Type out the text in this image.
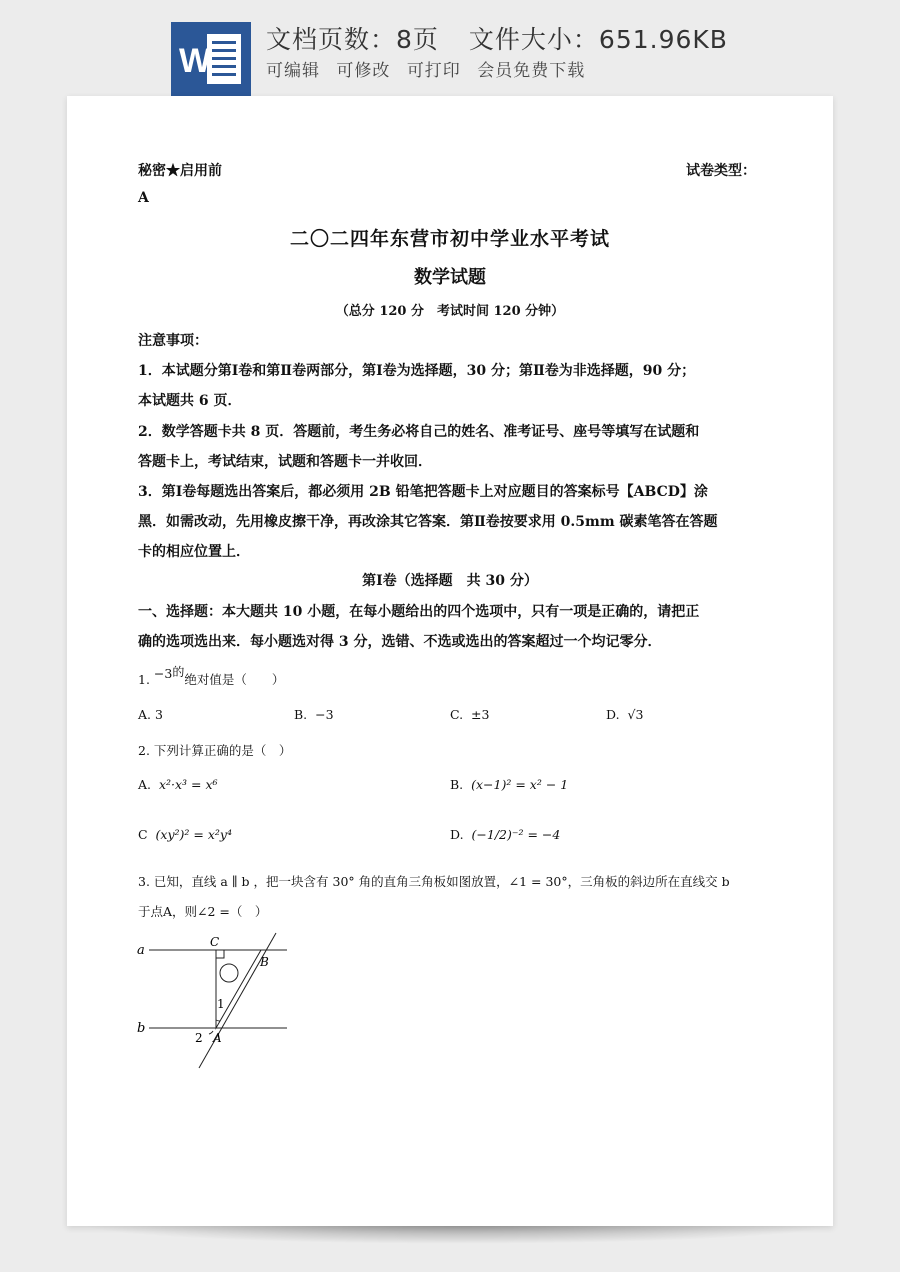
W
文档页数：8页 文件大小：651.96KB
可编辑 可修改 可打印 会员免费下载
秘密★启用前	试卷类型：
A
二〇二四年东营市初中学业水平考试
数学试题
（总分 120 分　考试时间 120 分钟）
注意事项：
1．本试题分第Ⅰ卷和第Ⅱ卷两部分，第Ⅰ卷为选择题，30 分；第Ⅱ卷为非选择题，90 分；
本试题共 6 页．
2．数学答题卡共 8 页．答题前，考生务必将自己的姓名、准考证号、座号等填写在试题和
答题卡上，考试结束，试题和答题卡一并收回．
3．第Ⅰ卷每题选出答案后，都必须用 2B 铅笔把答题卡上对应题目的答案标号【ABCD】涂
黑．如需改动，先用橡皮擦干净，再改涂其它答案．第Ⅱ卷按要求用 0.5mm 碳素笔答在答题
卡的相应位置上．
第Ⅰ卷（选择题　共 30 分）
一、选择题：本大题共 10 小题，在每小题给出的四个选项中，只有一项是正确的，请把正
确的选项选出来．每小题选对得 3 分，选错、不选或选出的答案超过一个均记零分．
1. −3的绝对值是（　　）
A. 3	B. −3	C. ±3	D. √3
2. 下列计算正确的是（　）
A. x²·x³ = x⁶	B. (x−1)² = x² − 1
C (xy²)² = x²y⁴	D. (−1/2)⁻² = −4
3. 已知，直线 a ∥ b ，把一块含有 30° 角的直角三角板如图放置，∠1 = 30°，三角板的斜边所在直线交 b
于点A，则∠2 =（　）
a
b
C
B
A
1
2
